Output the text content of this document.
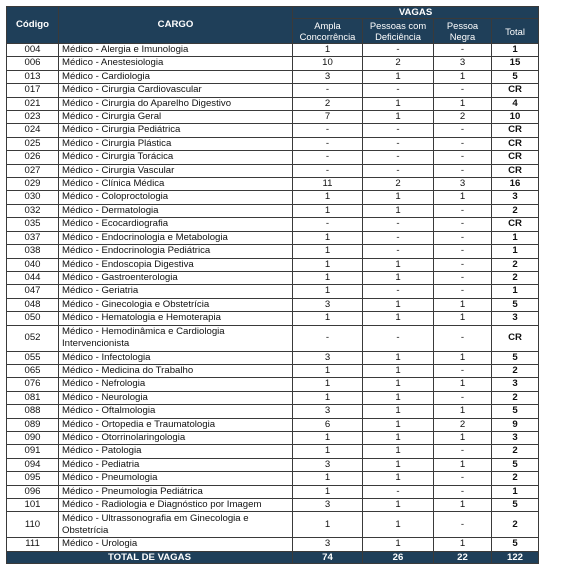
Código	CARGO	VAGAS			
		Ampla Concorrência	Pessoas com Deficiência	Pessoa Negra	Total
004	Médico - Alergia e Imunologia	1	-	-	1
006	Médico - Anestesiologia	10	2	3	15
013	Médico - Cardiologia	3	1	1	5
017	Médico - Cirurgia Cardiovascular	-	-	-	CR
021	Médico - Cirurgia do Aparelho Digestivo	2	1	1	4
023	Médico - Cirurgia Geral	7	1	2	10
024	Médico - Cirurgia Pediátrica	-	-	-	CR
025	Médico - Cirurgia Plástica	-	-	-	CR
026	Médico - Cirurgia Torácica	-	-	-	CR
027	Médico - Cirurgia Vascular	-	-	-	CR
029	Médico - Clínica Médica	11	2	3	16
030	Médico - Coloproctologia	1	1	1	3
032	Médico - Dermatologia	1	1	-	2
035	Médico - Ecocardiografia	-	-	-	CR
037	Médico - Endocrinologia e Metabologia	1	-	-	1
038	Médico - Endocrinologia Pediátrica	1	-	-	1
040	Médico - Endoscopia Digestiva	1	1	-	2
044	Médico - Gastroenterologia	1	1	-	2
047	Médico - Geriatria	1	-	-	1
048	Médico - Ginecologia e Obstetrícia	3	1	1	5
050	Médico - Hematologia e Hemoterapia	1	1	1	3
052	Médico - Hemodinâmica e Cardiologia Intervencionista	-	-	-	CR
055	Médico - Infectologia	3	1	1	5
065	Médico - Medicina do Trabalho	1	1	-	2
076	Médico - Nefrologia	1	1	1	3
081	Médico - Neurologia	1	1	-	2
088	Médico - Oftalmologia	3	1	1	5
089	Médico - Ortopedia e Traumatologia	6	1	2	9
090	Médico - Otorrinolaringologia	1	1	1	3
091	Médico - Patologia	1	1	-	2
094	Médico - Pediatria	3	1	1	5
095	Médico - Pneumologia	1	1	-	2
096	Médico - Pneumologia Pediátrica	1	-	-	1
101	Médico - Radiologia e Diagnóstico por Imagem	3	1	1	5
110	Médico - Ultrassonografia em Ginecologia e Obstetrícia	1	1	-	2
111	Médico - Urologia	3	1	1	5
TOTAL DE VAGAS		74	26	22	122
